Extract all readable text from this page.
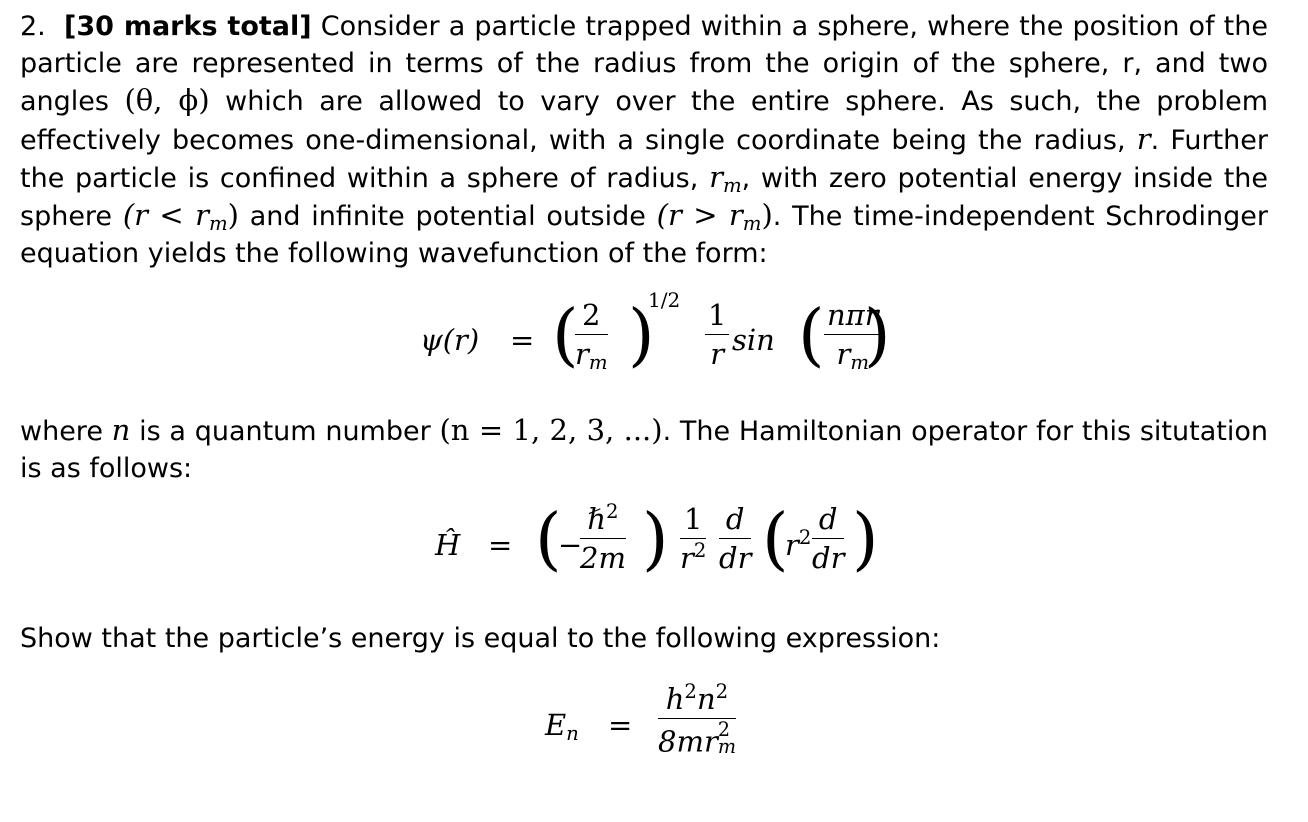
2. [30 marks total] Consider a particle trapped within a sphere, where the position of the particle are represented in terms of the radius from the origin of the sphere, r, and two angles (θ, ϕ) which are allowed to vary over the entire sphere. As such, the problem effectively becomes one-dimensional, with a single coordinate being the radius, r. Further the particle is confined within a sphere of radius, $r_m$, with zero potential energy inside the sphere $(r < r_m)$ and infinite potential outside $(r > r_m)$. The time-independent Schrodinger equation yields the following wavefunction of the form:

ψ(r) = (
$\frac{2}{r_m}$ )
$1/2 \frac{1}{r}$ sin ( nπr
$r_m$
)

where n is a quantum number (n = 1, 2, 3, ...). The Hamiltonian operator for this situtation is as follows:

Ĥ = (
−
ℏ$^2$
2m ) $\frac{1}{r^2} \frac{d}{dr}$ (
$r^2 \frac{d}{dr}$ )

Show that the particle’s energy is equal to the following expression:

$E_n = h^2n^2$
8mr 2
m
